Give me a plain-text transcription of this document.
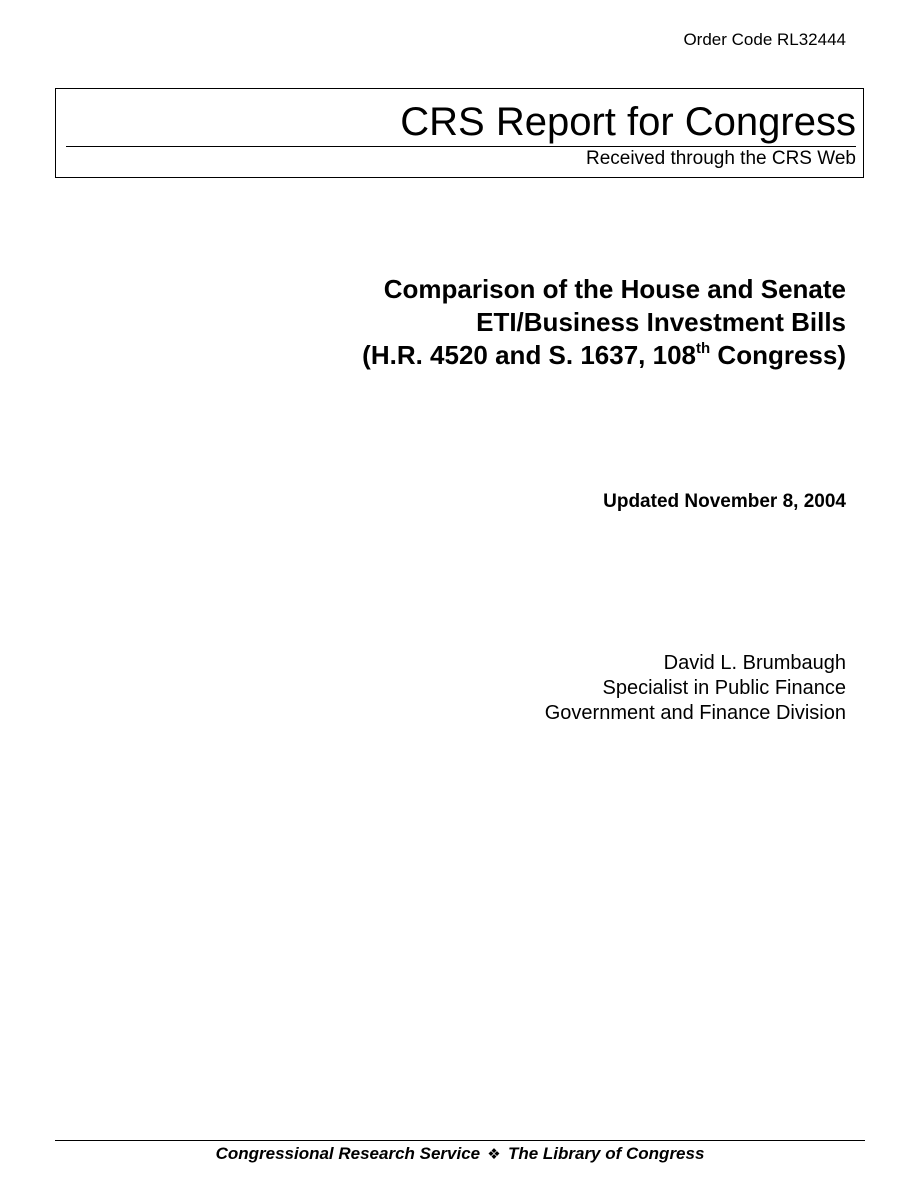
Order Code RL32444
CRS Report for Congress
Received through the CRS Web
Comparison of the House and Senate
ETI/Business Investment Bills
(H.R. 4520 and S. 1637, 108th Congress)
Updated November 8, 2004
David L. Brumbaugh
Specialist in Public Finance
Government and Finance Division
Congressional Research Service ❖ The Library of Congress
